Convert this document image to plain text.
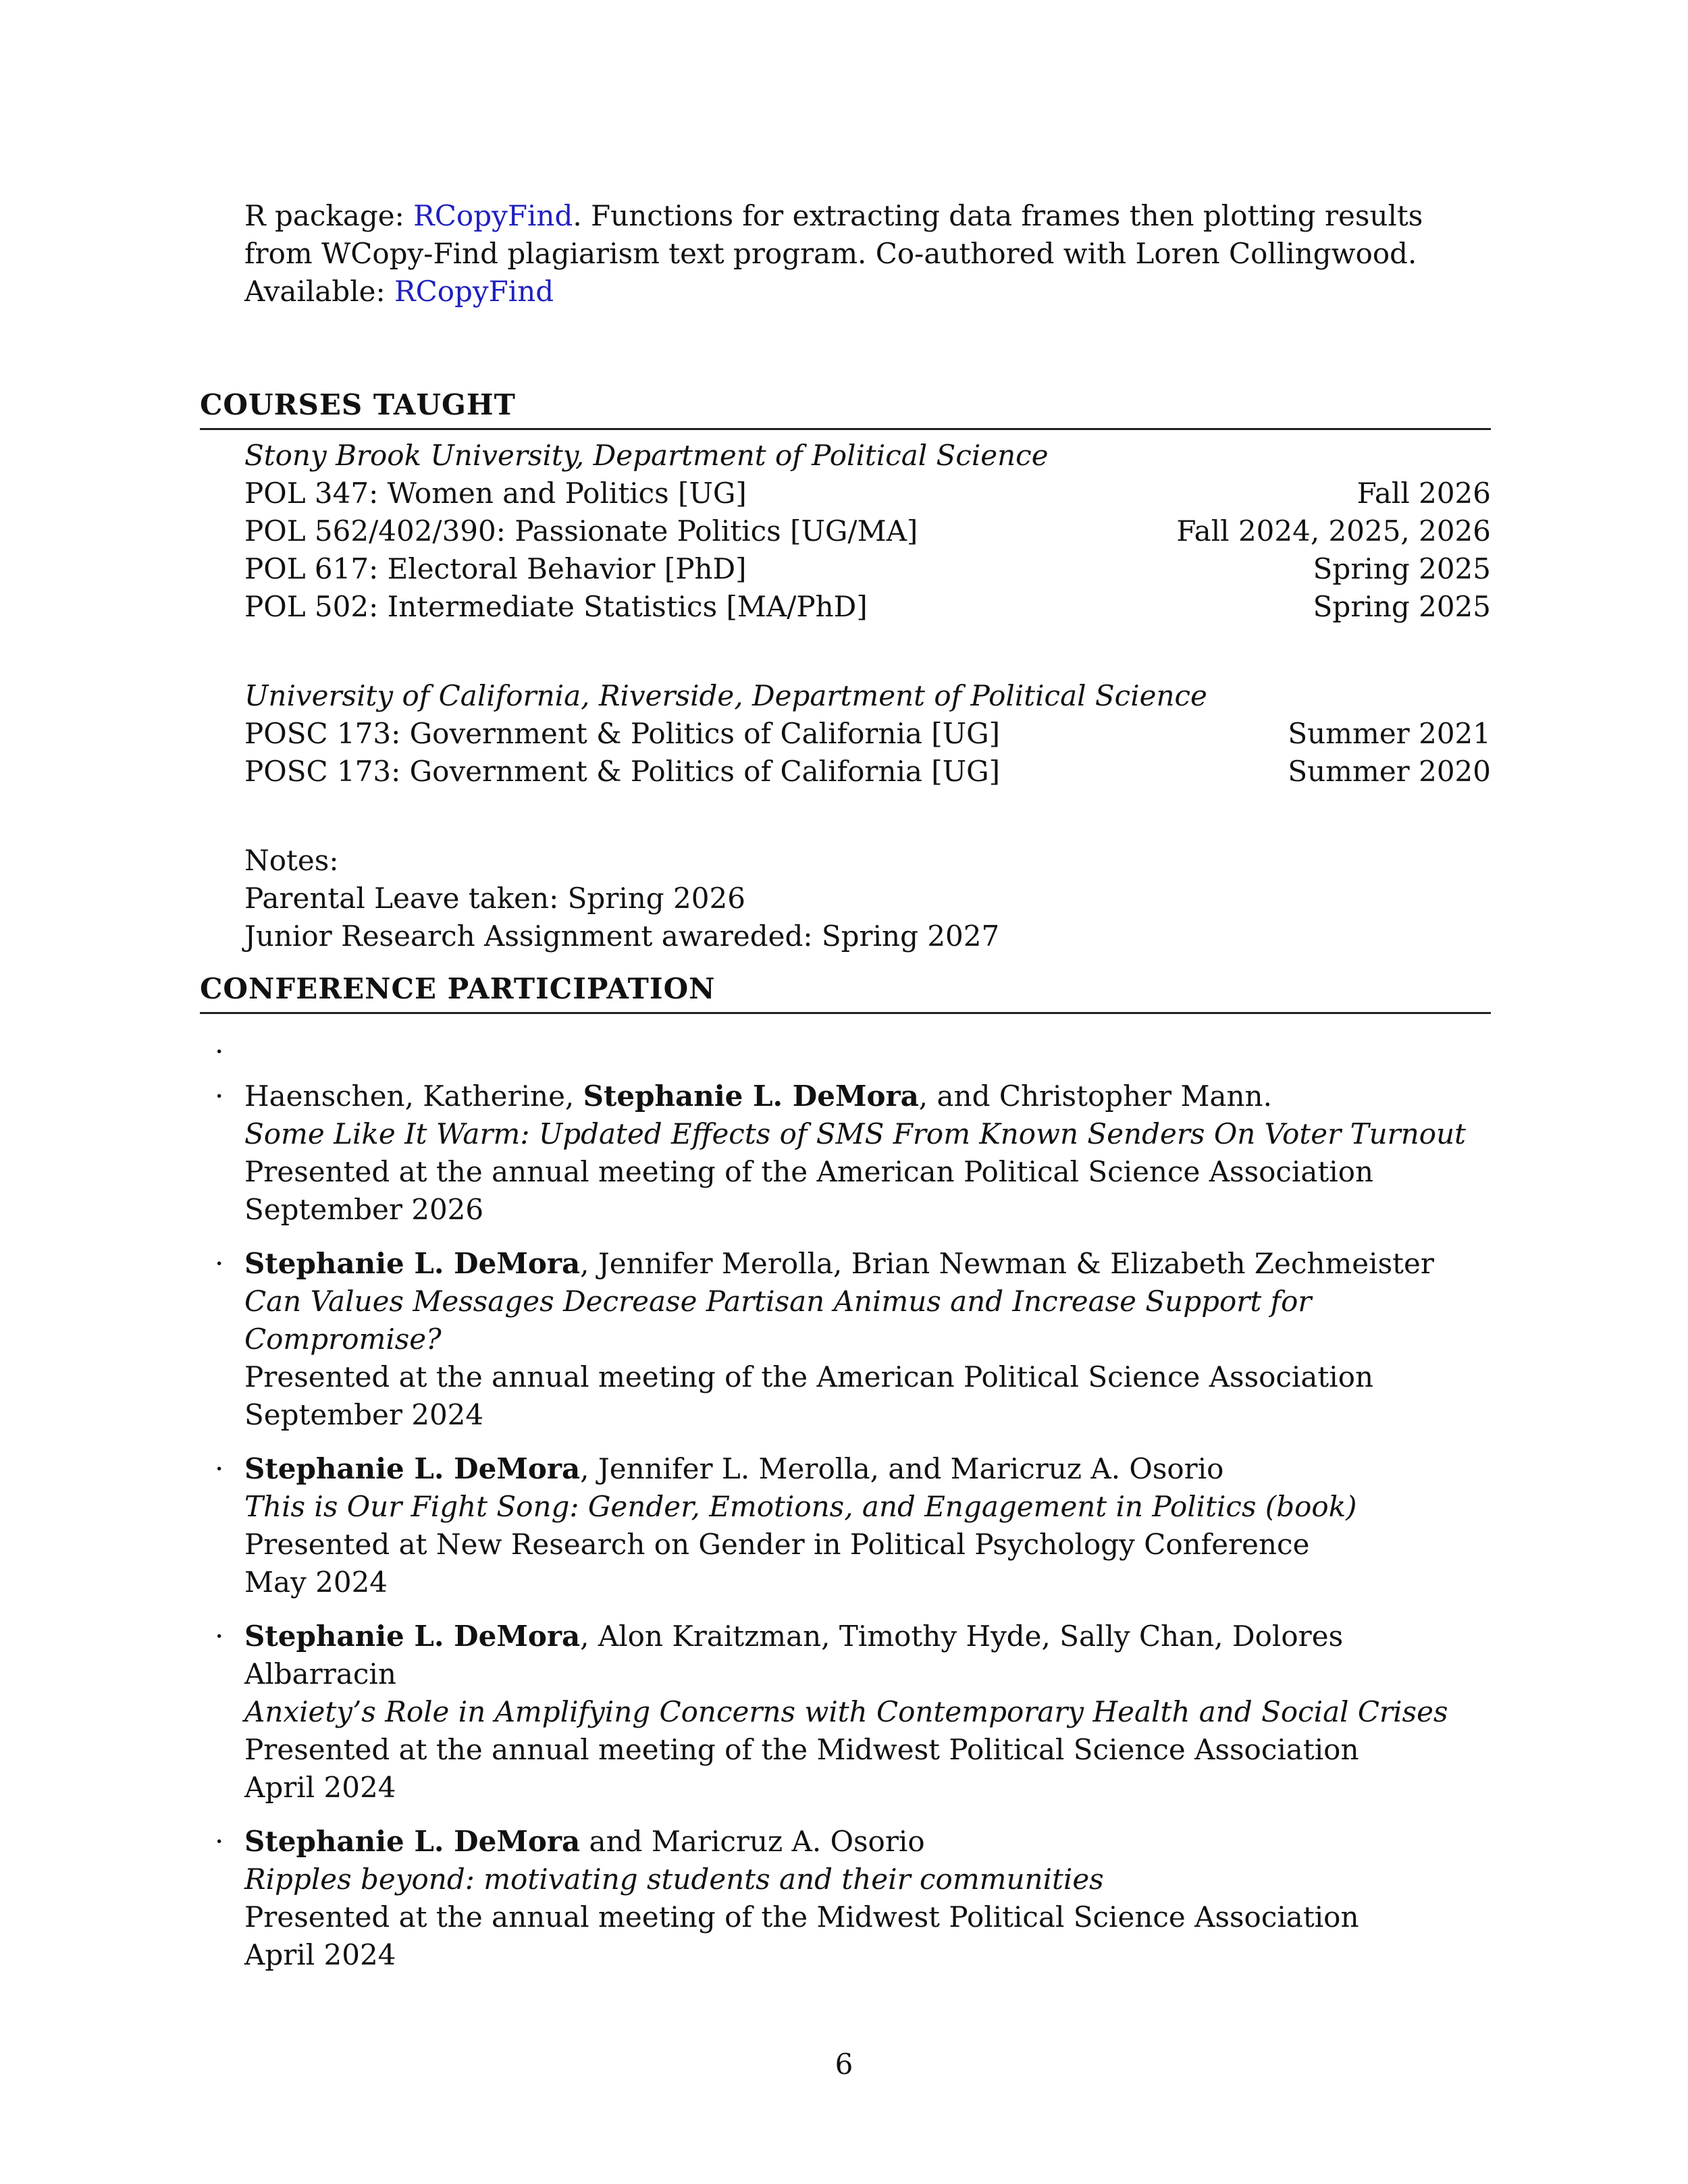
R package: RCopyFind. Functions for extracting data frames then plotting results from WCopy-Find plagiarism text program. Co-authored with Loren Collingwood. Available: RCopyFind
COURSES TAUGHT
Stony Brook University, Department of Political Science
POL 347: Women and Politics [UG]	Fall 2026
POL 562/402/390: Passionate Politics [UG/MA]	Fall 2024, 2025, 2026
POL 617: Electoral Behavior [PhD]	Spring 2025
POL 502: Intermediate Statistics [MA/PhD]	Spring 2025
University of California, Riverside, Department of Political Science
POSC 173: Government & Politics of California [UG]	Summer 2021
POSC 173: Government & Politics of California [UG]	Summer 2020
Notes:
Parental Leave taken: Spring 2026
Junior Research Assignment awareded: Spring 2027
CONFERENCE PARTICIPATION
·
· Haenschen, Katherine, Stephanie L. DeMora, and Christopher Mann.
Some Like It Warm: Updated Effects of SMS From Known Senders On Voter Turnout
Presented at the annual meeting of the American Political Science Association
September 2026
· Stephanie L. DeMora, Jennifer Merolla, Brian Newman & Elizabeth Zechmeister
Can Values Messages Decrease Partisan Animus and Increase Support for Compromise?
Presented at the annual meeting of the American Political Science Association
September 2024
· Stephanie L. DeMora, Jennifer L. Merolla, and Maricruz A. Osorio
This is Our Fight Song: Gender, Emotions, and Engagement in Politics (book)
Presented at New Research on Gender in Political Psychology Conference
May 2024
· Stephanie L. DeMora, Alon Kraitzman, Timothy Hyde, Sally Chan, Dolores Albarracin
Anxiety’s Role in Amplifying Concerns with Contemporary Health and Social Crises
Presented at the annual meeting of the Midwest Political Science Association
April 2024
· Stephanie L. DeMora and Maricruz A. Osorio
Ripples beyond: motivating students and their communities
Presented at the annual meeting of the Midwest Political Science Association
April 2024
6
